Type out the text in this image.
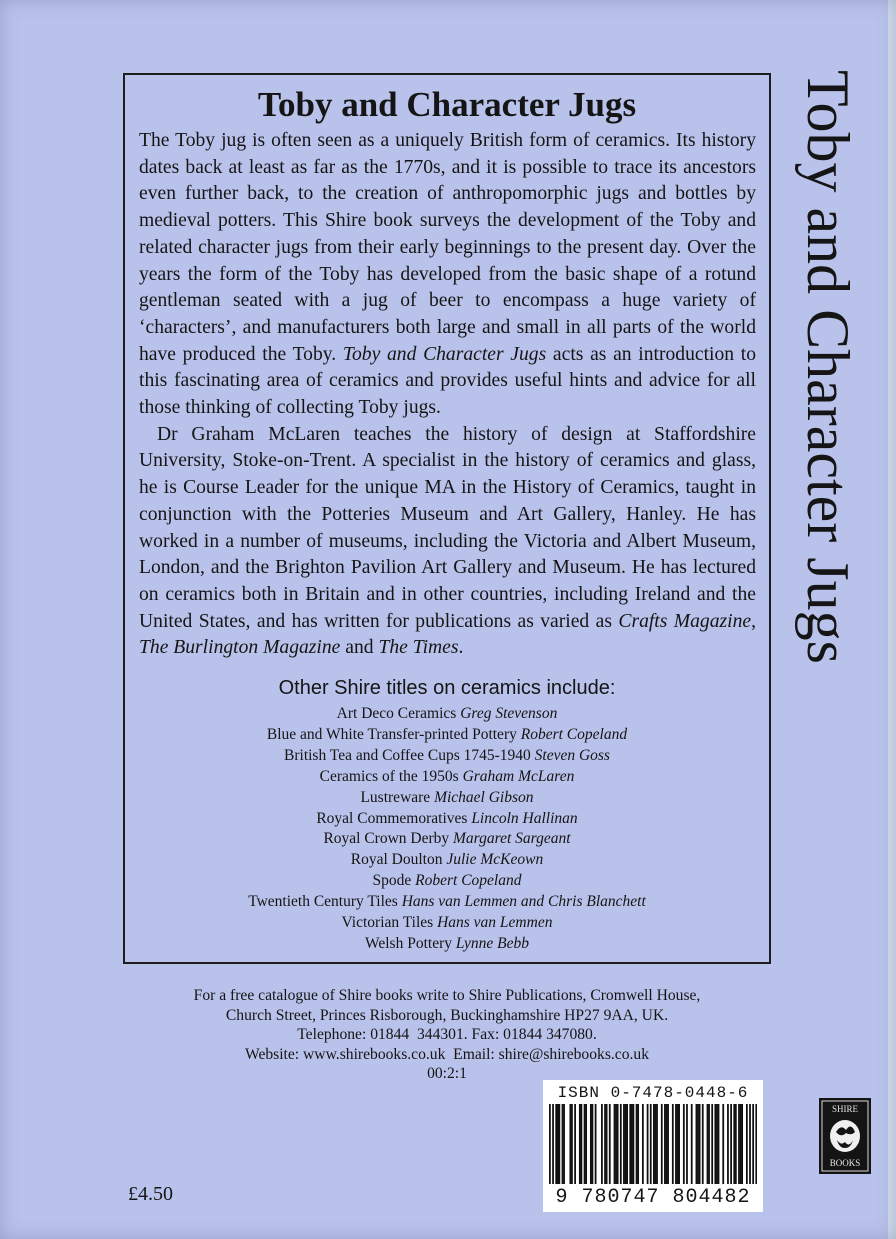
Toby and Character Jugs

The Toby jug is often seen as a uniquely British form of ceramics. Its history dates back at least as far as the 1770s, and it is possible to trace its ancestors even further back, to the creation of anthropomorphic jugs and bottles by medieval potters. This Shire book surveys the development of the Toby and related character jugs from their early beginnings to the present day. Over the years the form of the Toby has developed from the basic shape of a rotund gentleman seated with a jug of beer to encompass a huge variety of ‘characters’, and manufacturers both large and small in all parts of the world have produced the Toby. Toby and Character Jugs acts as an introduction to this fascinating area of ceramics and provides useful hints and advice for all those thinking of collecting Toby jugs.

Dr Graham McLaren teaches the history of design at Staffordshire University, Stoke-on-Trent. A specialist in the history of ceramics and glass, he is Course Leader for the unique MA in the History of Ceramics, taught in conjunction with the Potteries Museum and Art Gallery, Hanley. He has worked in a number of museums, including the Victoria and Albert Museum, London, and the Brighton Pavilion Art Gallery and Museum. He has lectured on ceramics both in Britain and in other countries, including Ireland and the United States, and has written for publications as varied as Crafts Magazine, The Burlington Magazine and The Times.

Other Shire titles on ceramics include:
Art Deco Ceramics Greg Stevenson
Blue and White Transfer-printed Pottery Robert Copeland
British Tea and Coffee Cups 1745-1940 Steven Goss
Ceramics of the 1950s Graham McLaren
Lustreware Michael Gibson
Royal Commemoratives Lincoln Hallinan
Royal Crown Derby Margaret Sargeant
Royal Doulton Julie McKeown
Spode Robert Copeland
Twentieth Century Tiles Hans van Lemmen and Chris Blanchett
Victorian Tiles Hans van Lemmen
Welsh Pottery Lynne Bebb
Toby and Character Jugs
For a free catalogue of Shire books write to Shire Publications, Cromwell House,
Church Street, Princes Risborough, Buckinghamshire HP27 9AA, UK.
Telephone: 01844  344301. Fax: 01844 347080.
Website: www.shirebooks.co.uk  Email: shire@shirebooks.co.uk
00:2:1
ISBN 0-7478-0448-6
9 780747 804482
SHIRE
BOOKS
£4.50
